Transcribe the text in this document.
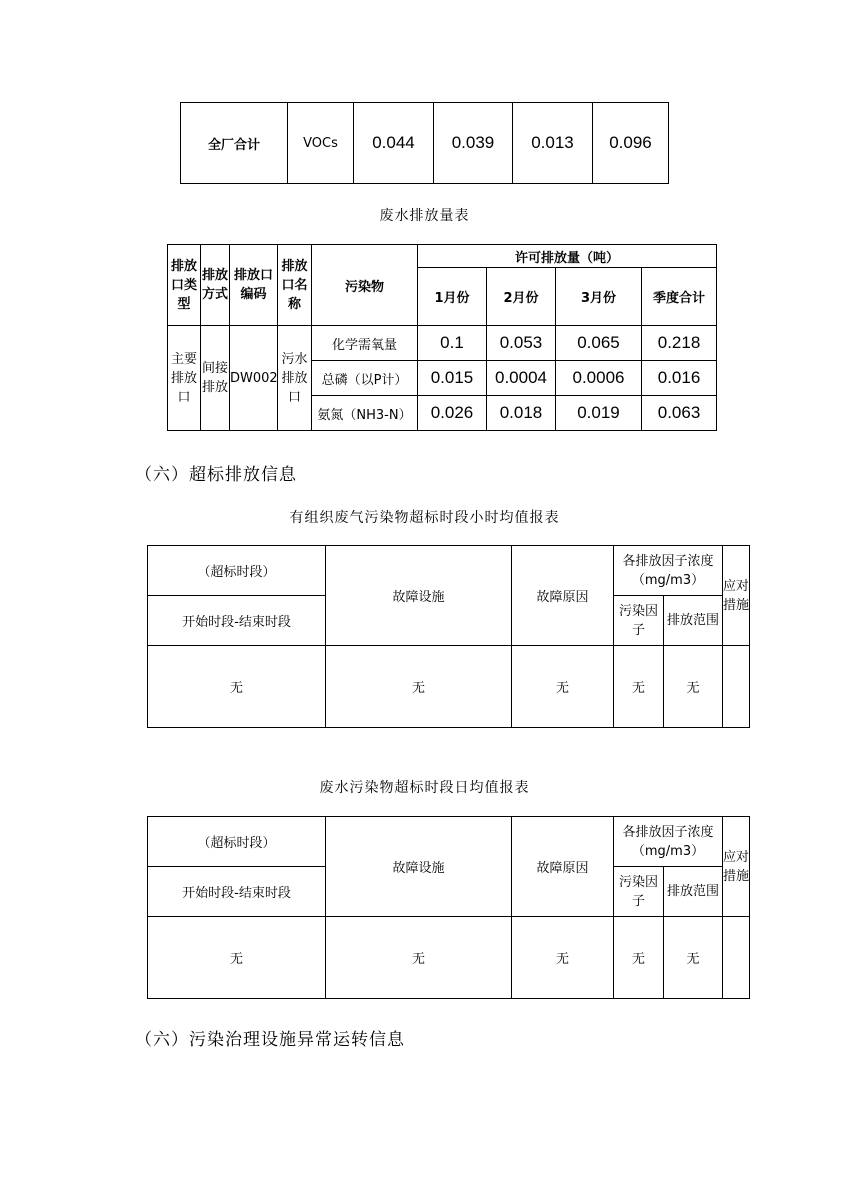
全厂合计	VOCs	0.044	0.039	0.013	0.096
废水排放量表
排放口类型	排放方式	排放口编码	排放口名称	污染物	许可排放量（吨）			
					1月份	2月份	3月份	季度合计
主要排放口	间接排放	DW002	污水排放口	化学需氧量	0.1	0.053	0.065	0.218
				总磷（以P计）	0.015	0.0004	0.0006	0.016
				氨氮（NH3-N）	0.026	0.018	0.019	0.063
（六）超标排放信息
有组织废气污染物超标时段小时均值报表
（超标时段）	故障设施	故障原因	各排放因子浓度（mg/m3）		应对措施
开始时段-结束时段			污染因子	排放范围	
无	无	无	无	无	
废水污染物超标时段日均值报表
（超标时段）	故障设施	故障原因	各排放因子浓度（mg/m3）		应对措施
开始时段-结束时段			污染因子	排放范围	
无	无	无	无	无	
（六）污染治理设施异常运转信息
